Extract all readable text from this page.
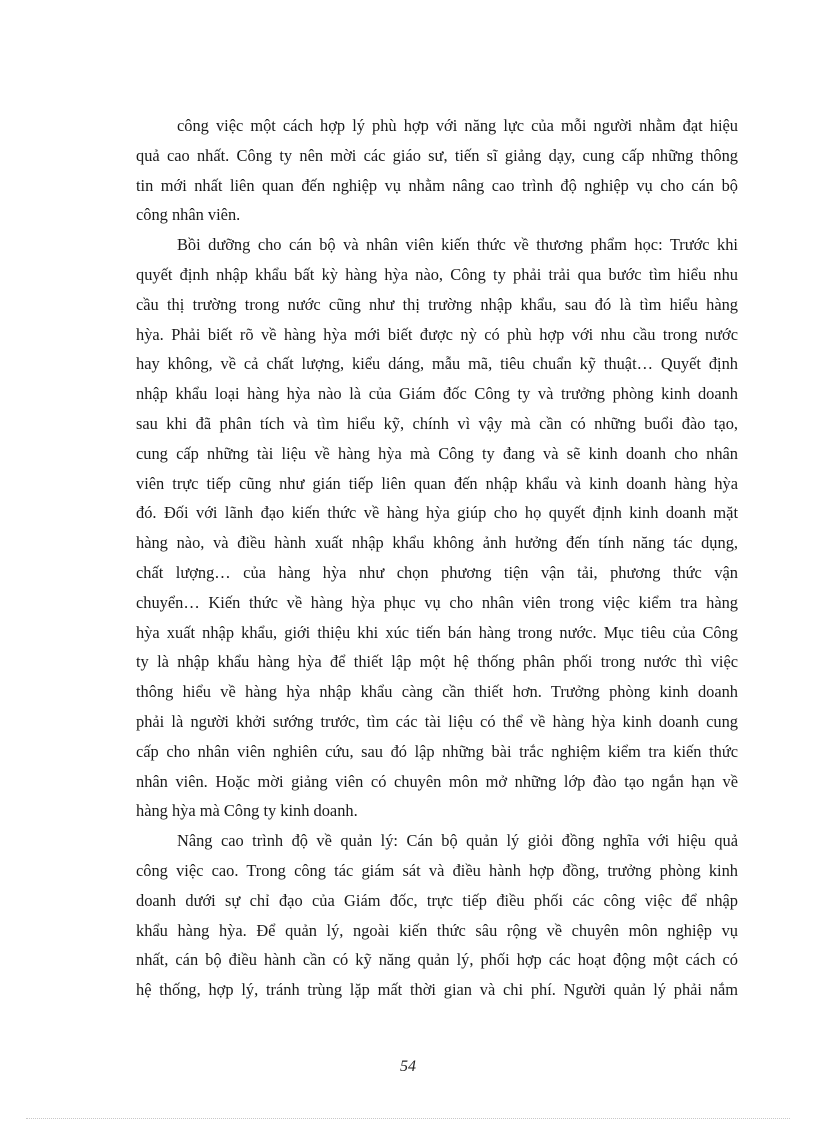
công việc một cách hợp lý phù hợp với năng lực của mỗi người nhằm đạt hiệu
quả cao nhất. Công ty nên mời các giáo sư, tiến sĩ giảng dạy, cung cấp những thông
tin mới nhất liên quan đến nghiệp vụ nhằm nâng cao trình độ nghiệp vụ cho cán bộ
công nhân viên.
Bồi dưỡng cho cán bộ và nhân viên kiến thức về thương phẩm học: Trước khi
quyết định nhập khẩu bất kỳ hàng hỳa nào, Công ty phải trải qua bước tìm hiểu nhu
cầu thị trường trong nước cũng như thị trường nhập khẩu, sau đó là tìm hiểu hàng
hỳa. Phải biết rõ về hàng hỳa mới biết được nỳ có phù hợp với nhu cầu trong nước
hay không, về cả chất lượng, kiểu dáng, mẫu mã, tiêu chuẩn kỹ thuật… Quyết định
nhập khẩu loại hàng hỳa nào là của Giám đốc Công ty và trưởng phòng kinh doanh
sau khi đã phân tích và tìm hiểu kỹ, chính vì vậy mà cần có những buổi đào tạo,
cung cấp những tài liệu về hàng hỳa mà Công ty đang và sẽ kinh doanh cho nhân
viên trực tiếp cũng như gián tiếp liên quan đến nhập khẩu và kinh doanh hàng hỳa
đó. Đối với lãnh đạo kiến thức về hàng hỳa giúp cho họ quyết định kinh doanh mặt
hàng nào, và điều hành xuất nhập khẩu không ảnh hưởng đến tính năng tác dụng,
chất lượng… của hàng hỳa như chọn phương tiện vận tải, phương thức vận
chuyển… Kiến thức về hàng hỳa phục vụ cho nhân viên trong việc kiểm tra hàng
hỳa xuất nhập khẩu, giới thiệu khi xúc tiến bán hàng trong nước. Mục tiêu của Công
ty là nhập khẩu hàng hỳa để thiết lập một hệ thống phân phối trong nước thì việc
thông hiểu về hàng hỳa nhập khẩu càng cần thiết hơn. Trưởng phòng kinh doanh
phải là người khởi sướng trước, tìm các tài liệu có thể về hàng hỳa kinh doanh cung
cấp cho nhân viên nghiên cứu, sau đó lập những bài trắc nghiệm kiểm tra kiến thức
nhân viên. Hoặc mời giảng viên có chuyên môn mở những lớp đào tạo ngắn hạn về
hàng hỳa mà Công ty kinh doanh.
Nâng cao trình độ về quản lý: Cán bộ quản lý giỏi đồng nghĩa với hiệu quả
công việc cao. Trong công tác giám sát và điều hành hợp đồng, trưởng phòng kinh
doanh dưới sự chỉ đạo của Giám đốc, trực tiếp điều phối các công việc để nhập
khẩu hàng hỳa. Để quản lý, ngoài kiến thức sâu rộng về chuyên môn nghiệp vụ
nhất, cán bộ điều hành cần có kỹ năng quản lý, phối hợp các hoạt động một cách có
hệ thống, hợp lý, tránh trùng lặp mất thời gian và chi phí. Người quản lý phải nắm
54
